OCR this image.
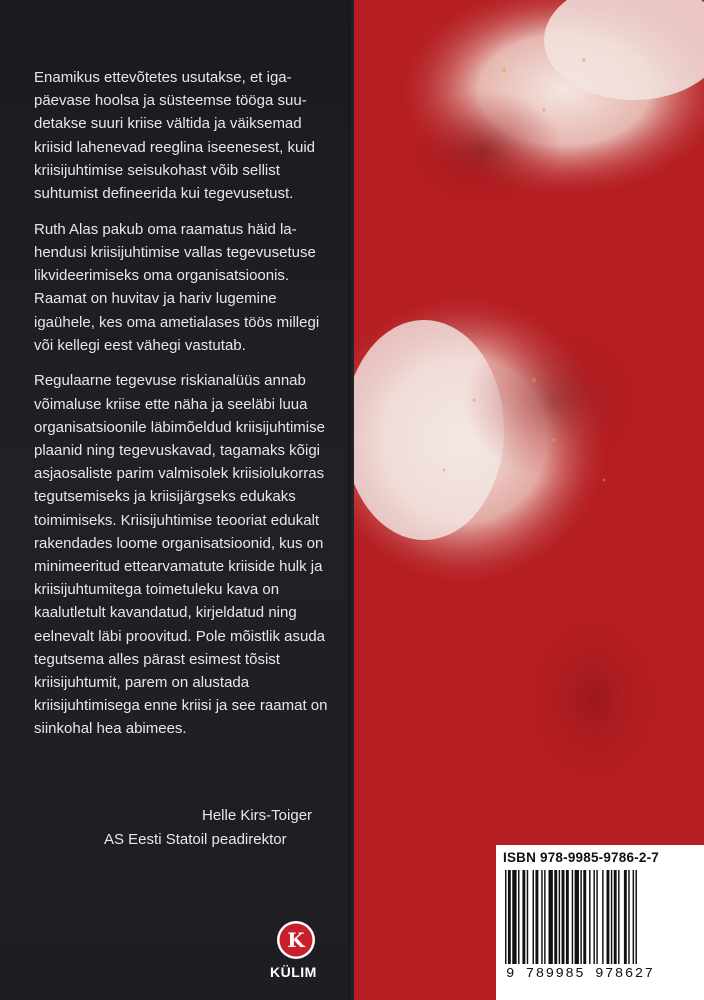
Enamikus ettevõtetes usutakse, et igapäevase hoolsa ja süsteemse tööga suudetakse suuri kriise vältida ja väiksemad kriisid lahenevad reeglina iseenesest, kuid kriisijuhtimise seisukohast võib sellist suhtumist defineerida kui tegevusetust.

Ruth Alas pakub oma raamatus häid lahendusi kriisijuhtimise vallas tegevusetuse likvideerimiseks oma organisatsioonis. Raamat on huvitav ja hariv lugemine igaühele, kes oma ametialases töös millegi või kellegi eest vähegi vastutab.

Regulaarne tegevuse riskianalüüs annab võimaluse kriise ette näha ja seeläbi luua organisatsioonile läbimõeldud kriisijuhtimise plaanid ning tegevuskavad, tagamaks kõigi asjaosaliste parim valmisolek kriisiolukorras tegutsemiseks ja kriisijärgseks edukaks toimimiseks. Kriisijuhtimise teooriat edukalt rakendades loome organisatsioonid, kus on minimeeritud ettearvamatute kriiside hulk ja kriisijuhtumitega toimetuleku kava on kaalutletult kavandatud, kirjeldatud ning eelnevalt läbi proovitud. Pole mõistlik asuda tegutsema alles pärast esimest tõsist kriisijuhtumit, parem on alustada kriisijuhtimisega enne kriisi ja see raamat on siinkohal hea abimees.

Helle Kirs-Toiger
AS Eesti Statoil peadirektor
ISBN 978-9985-9786-2-7
9 789985 978627
K
KÜLIM
